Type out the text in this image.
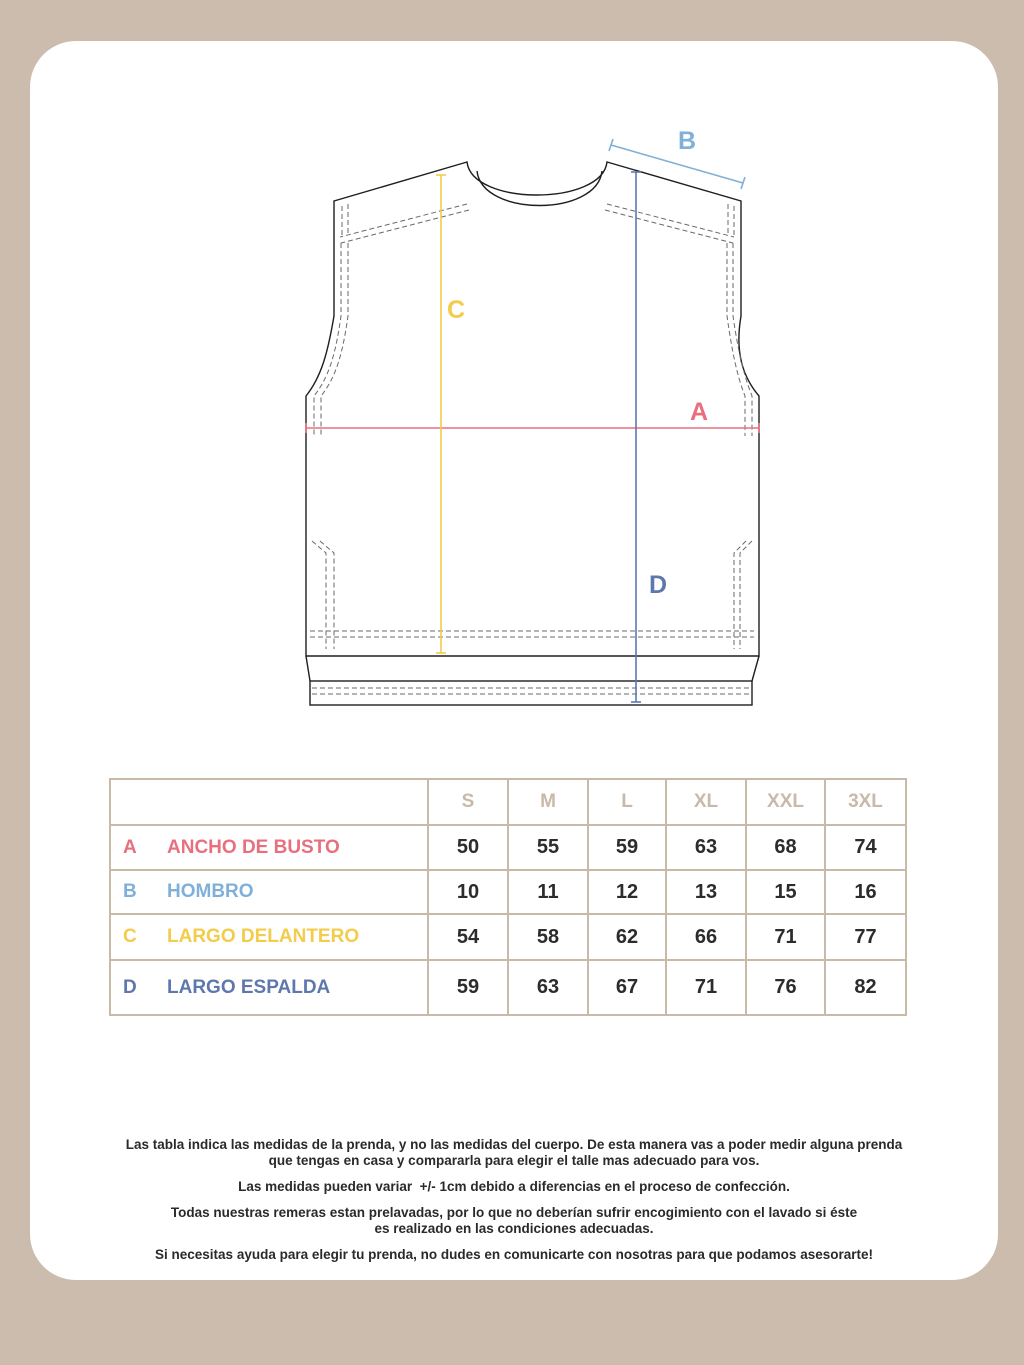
A
B
C
D
	S	M	L	XL	XXL	3XL
A ANCHO DE BUSTO	50	55	59	63	68	74
B HOMBRO	10	11	12	13	15	16
C LARGO DELANTERO	54	58	62	66	71	77
D LARGO ESPALDA	59	63	67	71	76	82

Las tabla indica las medidas de la prenda, y no las medidas del cuerpo. De esta manera vas a poder medir alguna prenda
que tengas en casa y compararla para elegir el talle mas adecuado para vos.

Las medidas pueden variar  +/- 1cm debido a diferencias en el proceso de confección.

Todas nuestras remeras estan prelavadas, por lo que no deberían sufrir encogimiento con el lavado si éste
es realizado en las condiciones adecuadas.

Si necesitas ayuda para elegir tu prenda, no dudes en comunicarte con nosotras para que podamos asesorarte!
